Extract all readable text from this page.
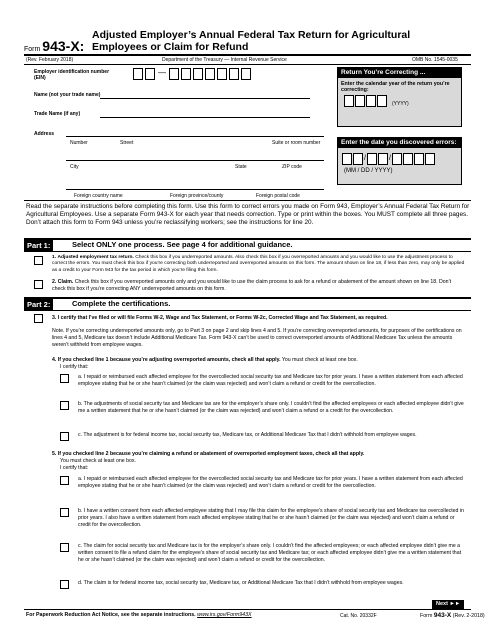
Form 943-X:
Adjusted Employer’s Annual Federal Tax Return for Agricultural
Employees or Claim for Refund
(Rev. February 2018)	Department of the Treasury — Internal Revenue Service	OMB No. 1545-0035
Employer identification number
(EIN)
—
Name (not your trade name)
Trade Name (if any)
Address
Number	Street	Suite or room number
City	State	ZIP code
Foreign country name	Foreign province/county	Foreign postal code
Return You’re Correcting ...
Enter the calendar year of the return you’re correcting:
(YYYY)
Enter the date you discovered errors:
/	/
(MM / DD / YYYY)
Read the separate instructions before completing this form. Use this form to correct errors you made on Form 943, Employer’s Annual Federal Tax Return for Agricultural Employees. Use a separate Form 943-X for each year that needs correction. Type or print within the boxes. You MUST complete all three pages. Don’t attach this form to Form 943 unless you’re reclassifying workers; see the instructions for line 20.
Part 1:	Select ONLY one process. See page 4 for additional guidance.
1. Adjusted employment tax return. Check this box if you underreported amounts. Also check this box if you overreported amounts and you would like to use the adjustment process to correct the errors. You must check this box if you’re correcting both underreported and overreported amounts on this form. The amount shown on line 18, if less than zero, may only be applied as a credit to your Form 943 for the tax period in which you’re filing this form.
2. Claim. Check this box if you overreported amounts only and you would like to use the claim process to ask for a refund or abatement of the amount shown on line 18. Don’t check this box if you’re correcting ANY underreported amounts on this form.
Part 2:	Complete the certifications.
3. I certify that I’ve filed or will file Forms W-2, Wage and Tax Statement, or Forms W-2c, Corrected Wage and Tax Statement, as required.
Note. If you’re correcting underreported amounts only, go to Part 3 on page 2 and skip lines 4 and 5. If you’re correcting overreported amounts, for purposes of the certifications on lines 4 and 5, Medicare tax doesn’t include Additional Medicare Tax. Form 943-X can’t be used to correct overreported amounts of Additional Medicare Tax unless the amounts weren’t withheld from employee wages.
4. If you checked line 1 because you’re adjusting overreported amounts, check all that apply. You must check at least one box.
I certify that:
a. I repaid or reimbursed each affected employee for the overcollected social security tax and Medicare tax for prior years. I have a written statement from each affected employee stating that he or she hasn’t claimed (or the claim was rejected) and won’t claim a refund or credit for the overcollection.
b. The adjustments of social security tax and Medicare tax are for the employer’s share only. I couldn’t find the affected employees or each affected employee didn’t give me a written statement that he or she hasn’t claimed (or the claim was rejected) and won’t claim a refund or a credit for the overcollection.
c. The adjustment is for federal income tax, social security tax, Medicare tax, or Additional Medicare Tax that I didn’t withhold from employee wages.
5. If you checked line 2 because you’re claiming a refund or abatement of overreported employment taxes, check all that apply.
You must check at least one box.
I certify that:
a. I repaid or reimbursed each affected employee for the overcollected social security tax and Medicare tax for prior years. I have a written statement from each affected employee stating that he or she hasn’t claimed (or the claim was rejected) and won’t claim a refund or credit for the overcollection.
b. I have a written consent from each affected employee stating that I may file this claim for the employee’s share of social security tax and Medicare tax overcollected in prior years. I also have a written statement from each affected employee stating that he or she hasn’t claimed (or the claim was rejected) and won’t claim a refund or credit for the overcollection.
c. The claim for social security tax and Medicare tax is for the employer’s share only. I couldn’t find the affected employees; or each affected employee didn’t give me a written consent to file a refund claim for the employee’s share of social security tax and Medicare tax; or each affected employee didn’t give me a written statement that he or she hasn’t claimed (or the claim was rejected) and won’t claim a refund or credit for the overcollection.
d. The claim is for federal income tax, social security tax, Medicare tax, or Additional Medicare Tax that I didn’t withhold from employee wages.
Next ►►
For Paperwork Reduction Act Notice, see the separate instructions. www.irs.gov/Form943X	Cat. No. 20332F	Form 943-X (Rev. 2-2018)
